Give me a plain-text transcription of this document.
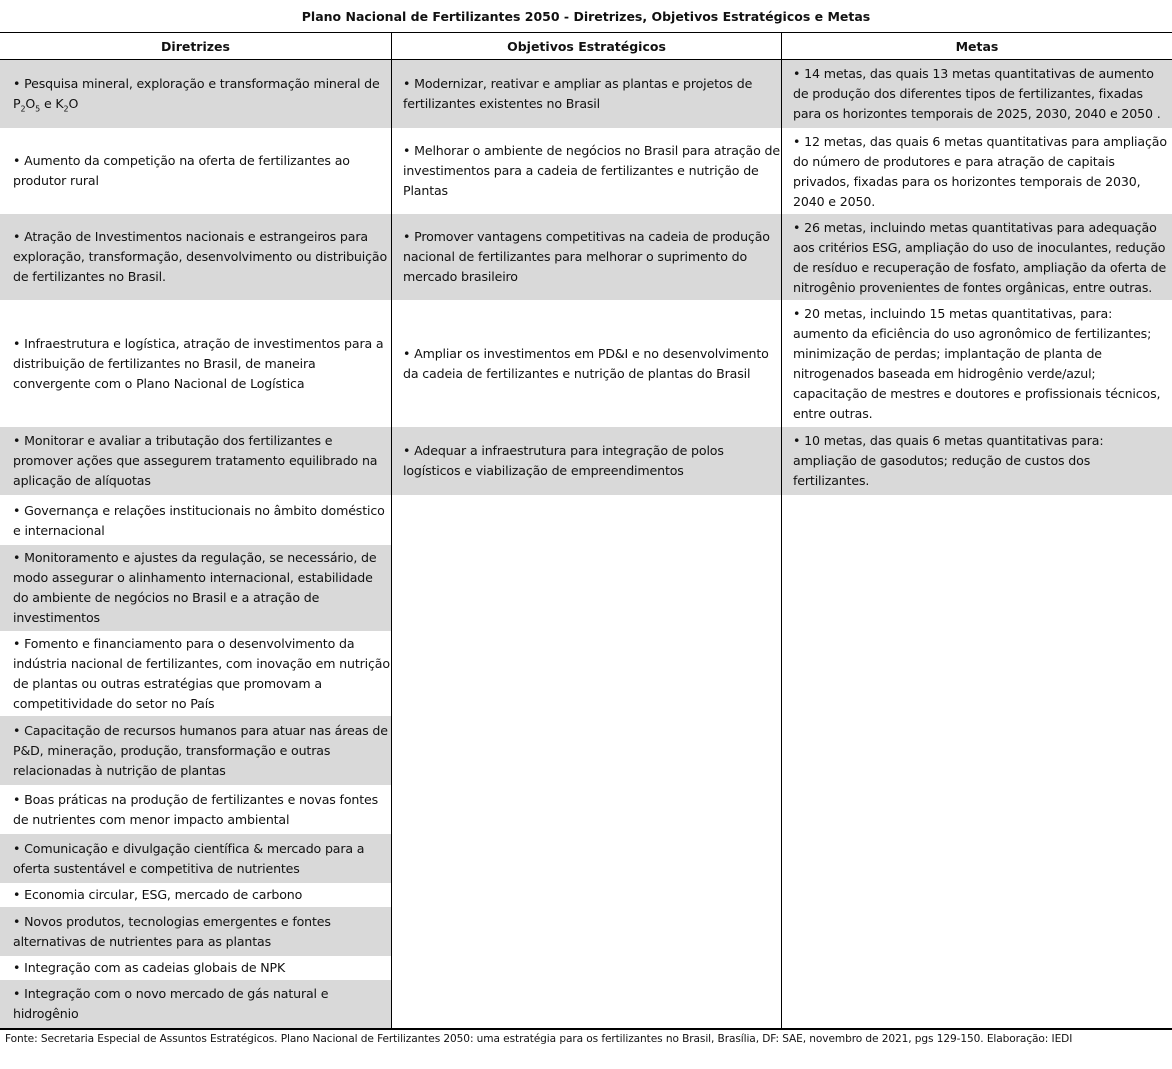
Plano Nacional de Fertilizantes 2050 - Diretrizes, Objetivos Estratégicos e Metas
Diretrizes	Objetivos Estratégicos	Metas
• Pesquisa mineral, exploração e transformação mineral de $P_2O_5$ e $K_2O$
• Aumento da competição na oferta de fertilizantes ao produtor rural
• Atração de Investimentos nacionais e estrangeiros para exploração, transformação, desenvolvimento ou distribuição de fertilizantes no Brasil.
• Infraestrutura e logística, atração de investimentos para a distribuição de fertilizantes no Brasil, de maneira convergente com o Plano Nacional de Logística
• Monitorar e avaliar a tributação dos fertilizantes e promover ações que assegurem tratamento equilibrado na aplicação de alíquotas
• Governança e relações institucionais no âmbito doméstico e internacional
• Monitoramento e ajustes da regulação, se necessário, de modo assegurar o alinhamento internacional, estabilidade do ambiente de negócios no Brasil e a atração de investimentos
• Fomento e financiamento para o desenvolvimento da indústria nacional de fertilizantes, com inovação em nutrição de plantas ou outras estratégias que promovam a competitividade do setor no País
• Capacitação de recursos humanos para atuar nas áreas de P&D, mineração, produção, transformação e outras relacionadas à nutrição de plantas
• Boas práticas na produção de fertilizantes e novas fontes de nutrientes com menor impacto ambiental
• Comunicação e divulgação científica & mercado para a oferta sustentável e competitiva de nutrientes
• Economia circular, ESG, mercado de carbono
• Novos produtos, tecnologias emergentes e fontes alternativas de nutrientes para as plantas
• Integração com as cadeias globais de NPK
• Integração com o novo mercado de gás natural e hidrogênio
• Modernizar, reativar e ampliar as plantas e projetos de fertilizantes existentes no Brasil
• Melhorar o ambiente de negócios no Brasil para atração de investimentos para a cadeia de fertilizantes e nutrição de Plantas
• Promover vantagens competitivas na cadeia de produção nacional de fertilizantes para melhorar o suprimento do mercado brasileiro
• Ampliar os investimentos em PD&I e no desenvolvimento da cadeia de fertilizantes e nutrição de plantas do Brasil
• Adequar a infraestrutura para integração de polos logísticos e viabilização de empreendimentos
• 14 metas, das quais 13 metas quantitativas de aumento de produção dos diferentes tipos de fertilizantes, fixadas para os horizontes temporais de 2025, 2030, 2040 e 2050 .
• 12 metas, das quais 6 metas quantitativas para ampliação do número de produtores e para atração de capitais privados, fixadas para os horizontes temporais de 2030, 2040 e 2050.
• 26 metas, incluindo metas quantitativas para adequação aos critérios ESG, ampliação do uso de inoculantes, redução de resíduo e recuperação de fosfato, ampliação da oferta de nitrogênio provenientes de fontes orgânicas, entre outras.
• 20 metas, incluindo 15 metas quantitativas, para: aumento da eficiência do uso agronômico de fertilizantes; minimização de perdas; implantação de planta de nitrogenados baseada em hidrogênio verde/azul; capacitação de mestres e doutores e profissionais técnicos, entre outras.
• 10 metas, das quais 6 metas quantitativas para: ampliação de gasodutos; redução de custos dos fertilizantes.
Fonte: Secretaria Especial de Assuntos Estratégicos. Plano Nacional de Fertilizantes 2050: uma estratégia para os fertilizantes no Brasil, Brasília, DF: SAE, novembro de 2021, pgs 129-150. Elaboração: IEDI
